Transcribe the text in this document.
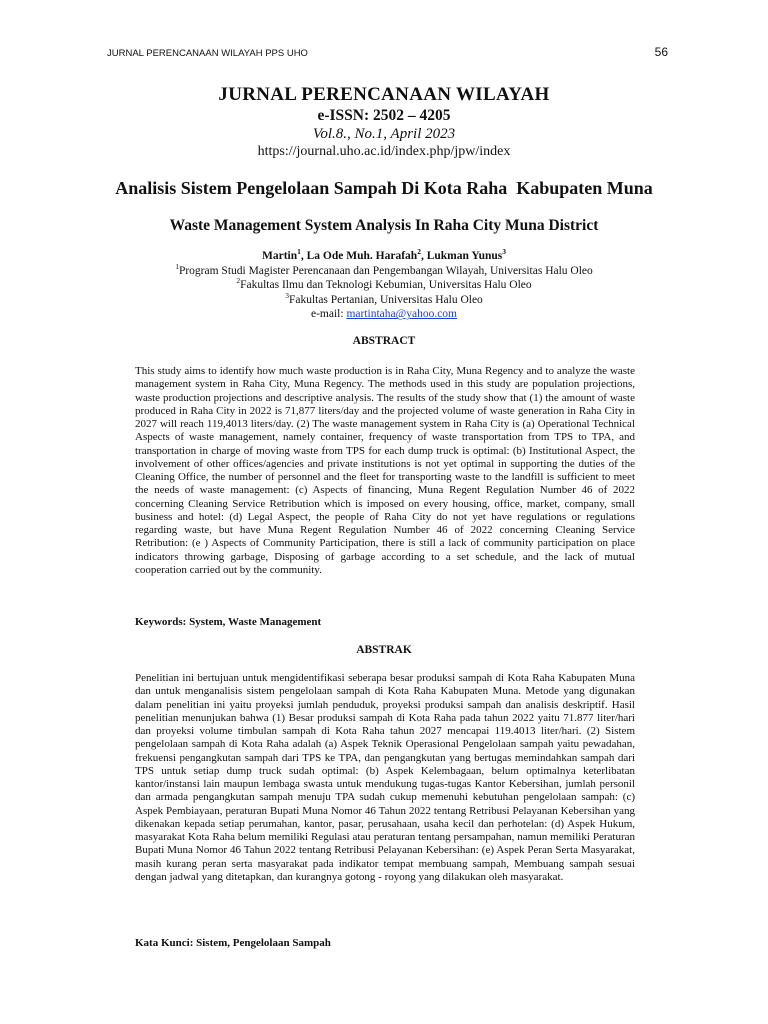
JURNAL PERENCANAAN WILAYAH PPS UHO	56
JURNAL PERENCANAAN WILAYAH
e-ISSN: 2502 – 4205
Vol.8., No.1, April 2023
https://journal.uho.ac.id/index.php/jpw/index
Analisis Sistem Pengelolaan Sampah Di Kota Raha  Kabupaten Muna
Waste Management System Analysis In Raha City Muna District
Martin$^1$, La Ode Muh. Harafah$^2$, Lukman Yunus$^3$
$^1$Program Studi Magister Perencanaan dan Pengembangan Wilayah, Universitas Halu Oleo
$^2$Fakultas Ilmu dan Teknologi Kebumian, Universitas Halu Oleo
$^3$Fakultas Pertanian, Universitas Halu Oleo
e-mail: martintaha@yahoo.com
ABSTRACT

This study aims to identify how much waste production is in Raha City, Muna Regency and to analyze the waste management system in Raha City, Muna Regency. The methods used in this study are population projections, waste production projections and descriptive analysis. The results of the study show that (1) the amount of waste produced in Raha City in 2022 is 71,877 liters/day and the projected volume of waste generation in Raha City in 2027 will reach 119,4013 liters/day. (2) The waste management system in Raha City is (a) Operational Technical Aspects of waste management, namely container, frequency of waste transportation from TPS to TPA, and transportation in charge of moving waste from TPS for each dump truck is optimal: (b) Institutional Aspect, the involvement of other offices/agencies and private institutions is not yet optimal in supporting the duties of the Cleaning Office, the number of personnel and the fleet for transporting waste to the landfill is sufficient to meet the needs of waste management: (c) Aspects of financing, Muna Regent Regulation Number 46 of 2022 concerning Cleaning Service Retribution which is imposed on every housing, office, market, company, small business and hotel: (d) Legal Aspect, the people of Raha City do not yet have regulations or regulations regarding waste, but have Muna Regent Regulation Number 46 of 2022 concerning Cleaning Service Retribution: (e ) Aspects of Community Participation, there is still a lack of community participation on place indicators throwing garbage, Disposing of garbage according to a set schedule, and the lack of mutual cooperation carried out by the community.

Keywords: System, Waste Management
ABSTRAK

Penelitian ini bertujuan untuk mengidentifikasi seberapa besar produksi sampah di Kota Raha Kabupaten Muna dan untuk menganalisis sistem pengelolaan sampah di Kota Raha Kabupaten Muna. Metode yang digunakan dalam penelitian ini yaitu proyeksi jumlah penduduk, proyeksi produksi sampah dan analisis deskriptif. Hasil penelitian menunjukan bahwa (1) Besar produksi sampah di Kota Raha pada tahun 2022 yaitu 71.877 liter/hari dan proyeksi volume timbulan sampah di Kota Raha tahun 2027 mencapai 119.4013 liter/hari. (2) Sistem pengelolaan sampah di Kota Raha adalah (a) Aspek Teknik Operasional Pengelolaan sampah yaitu pewadahan, frekuensi pengangkutan sampah dari TPS ke TPA, dan pengangkutan yang bertugas memindahkan sampah dari TPS untuk setiap dump truck sudah optimal: (b) Aspek Kelembagaan, belum optimalnya keterlibatan kantor/instansi lain maupun lembaga swasta untuk mendukung tugas-tugas Kantor Kebersihan, jumlah personil dan armada pengangkutan sampah menuju TPA sudah cukup memenuhi kebutuhan pengelolaan sampah: (c) Aspek Pembiayaan, peraturan Bupati Muna Nomor 46 Tahun 2022 tentang Retribusi Pelayanan Kebersihan yang dikenakan kepada setiap perumahan, kantor, pasar, perusahaan, usaha kecil dan perhotelan: (d) Aspek Hukum, masyarakat Kota Raha belum memiliki Regulasi atau peraturan tentang persampahan, namun memiliki Peraturan Bupati Muna Nomor 46 Tahun 2022 tentang Retribusi Pelayanan Kebersihan: (e) Aspek Peran Serta Masyarakat, masih kurang peran serta masyarakat pada indikator tempat membuang sampah, Membuang sampah sesuai dengan jadwal yang ditetapkan, dan kurangnya gotong - royong yang dilakukan oleh masyarakat.

Kata Kunci: Sistem, Pengelolaan Sampah
